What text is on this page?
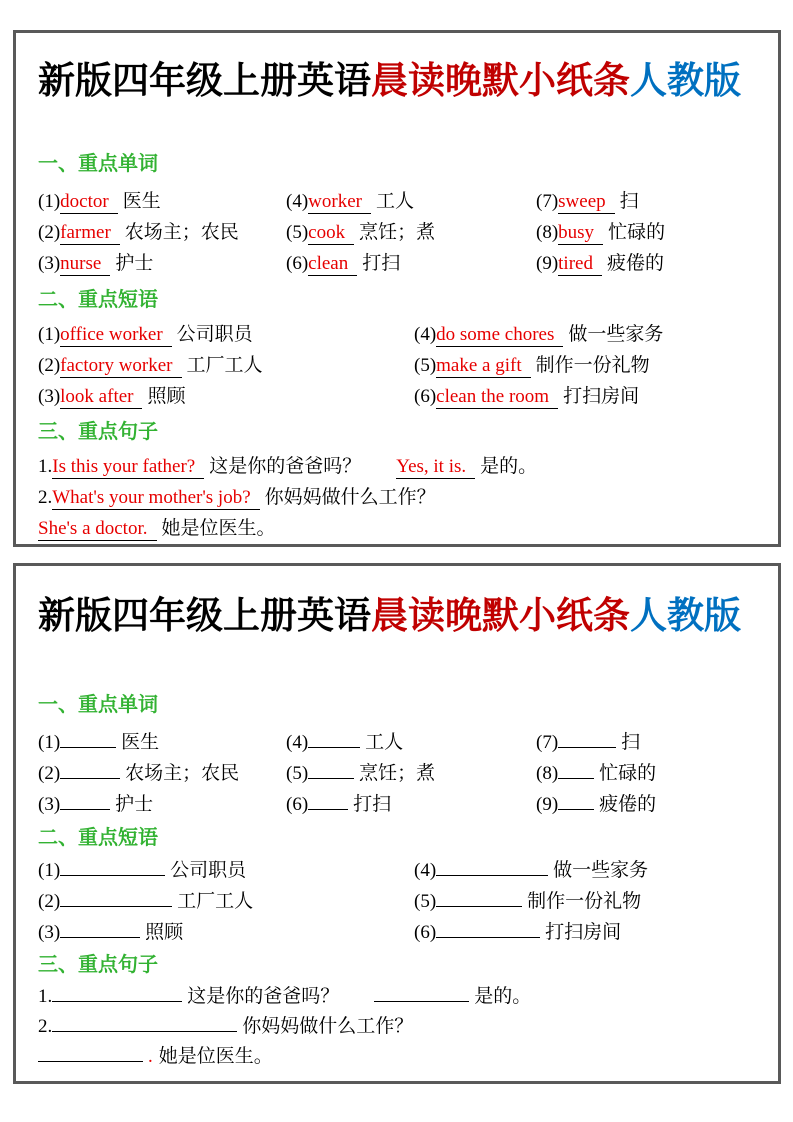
新版四年级上册英语晨读晚默小纸条人教版
一、重点单词
(1)doctor 医生
(2)farmer 农场主；农民
(3)nurse 护士
(4)worker 工人
(5)cook 烹饪；煮
(6)clean 打扫
(7)sweep 扫
(8)busy 忙碌的
(9)tired 疲倦的
二、重点短语
(1)office worker 公司职员
(2)factory worker 工厂工人
(3)look after 照顾
(4)do some chores 做一些家务
(5)make a gift 制作一份礼物
(6)clean the room 打扫房间
三、重点句子
1.Is this your father? 这是你的爸爸吗？ Yes, it is. 是的。
2.What's your mother's job? 你妈妈做什么工作？
She's a doctor. 她是位医生。
新版四年级上册英语晨读晚默小纸条人教版
一、重点单词
(1)	医生
(2)	农场主；农民
(3)	护士
(4)	工人
(5)	烹饪；煮
(6) 打扫
(7)	扫
(8) 忙碌的
(9) 疲倦的
二、重点短语
(1)	公司职员
(2)	工厂工人
(3)	照顾
(4)	做一些家务
(5)	制作一份礼物
(6)	打扫房间
三、重点句子
1.	这是你的爸爸吗？	是的。
2.	你妈妈做什么工作？
. 她是位医生。
